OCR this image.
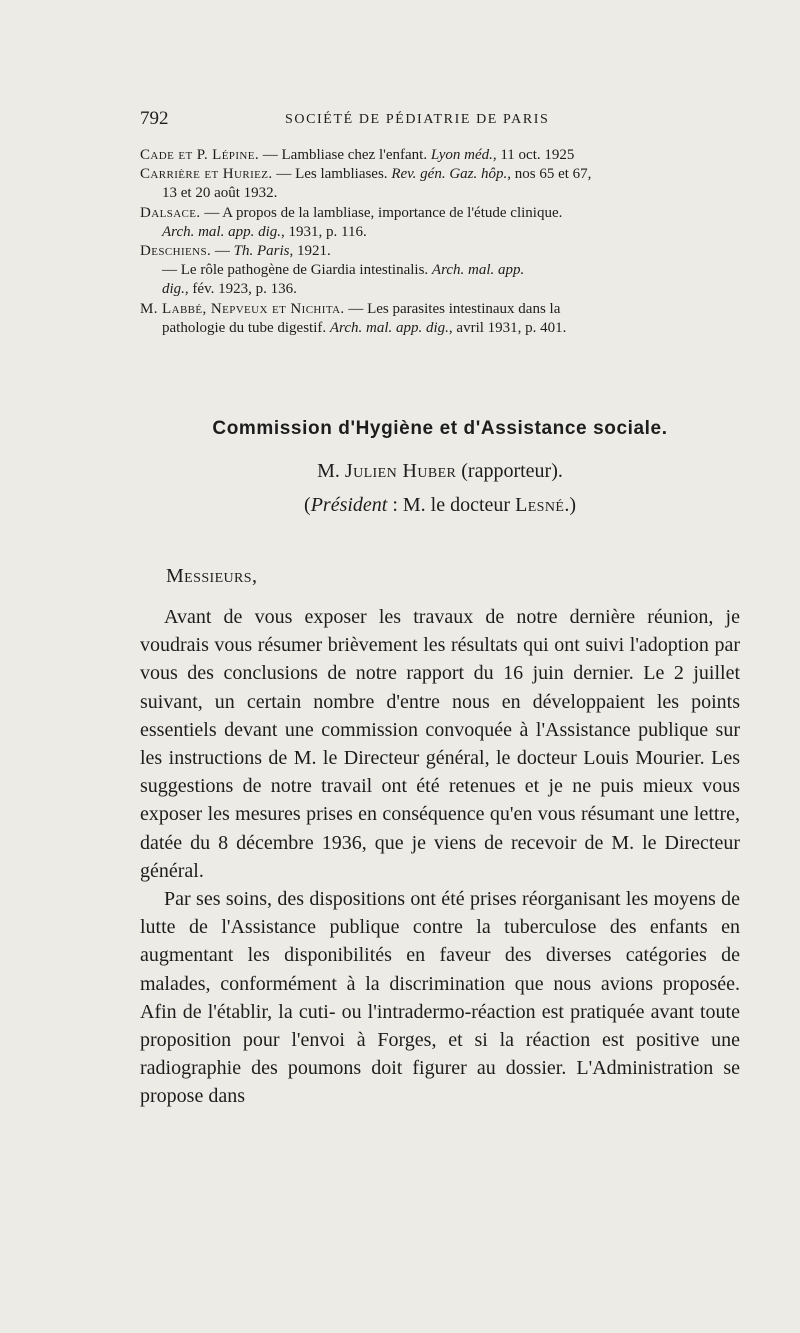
792	SOCIÉTÉ DE PÉDIATRIE DE PARIS

Cade et P. Lépine. — Lambliase chez l'enfant. Lyon méd., 11 oct. 1925

Carrière et Huriez. — Les lambliases. Rev. gén. Gaz. hôp., nos 65 et 67,
13 et 20 août 1932.

Dalsace. — A propos de la lambliase, importance de l'étude clinique.
Arch. mal. app. dig., 1931, p. 116.

Deschiens. — Th. Paris, 1921.

— Le rôle pathogène de Giardia intestinalis. Arch. mal. app.
dig., fév. 1923, p. 136.

M. Labbé, Nepveux et Nichita. — Les parasites intestinaux dans la
pathologie du tube digestif. Arch. mal. app. dig., avril 1931, p. 401.

Commission d'Hygiène et d'Assistance sociale.
M. Julien Huber (rapporteur).
(Président : M. le docteur Lesné.)
Messieurs,

Avant de vous exposer les travaux de notre dernière réunion, je voudrais vous résumer brièvement les résultats qui ont suivi l'adoption par vous des conclusions de notre rapport du 16 juin dernier. Le 2 juillet suivant, un certain nombre d'entre nous en développaient les points essentiels devant une commission convoquée à l'Assistance publique sur les instructions de M. le Directeur général, le docteur Louis Mourier. Les suggestions de notre travail ont été retenues et je ne puis mieux vous exposer les mesures prises en conséquence qu'en vous résumant une lettre, datée du 8 décembre 1936, que je viens de recevoir de M. le Directeur général.

Par ses soins, des dispositions ont été prises réorganisant les moyens de lutte de l'Assistance publique contre la tuberculose des enfants en augmentant les disponibilités en faveur des diverses catégories de malades, conformément à la discrimination que nous avions proposée. Afin de l'établir, la cuti- ou l'intradermo-réaction est pratiquée avant toute proposition pour l'envoi à Forges, et si la réaction est positive une radiographie des poumons doit figurer au dossier. L'Administration se propose dans
